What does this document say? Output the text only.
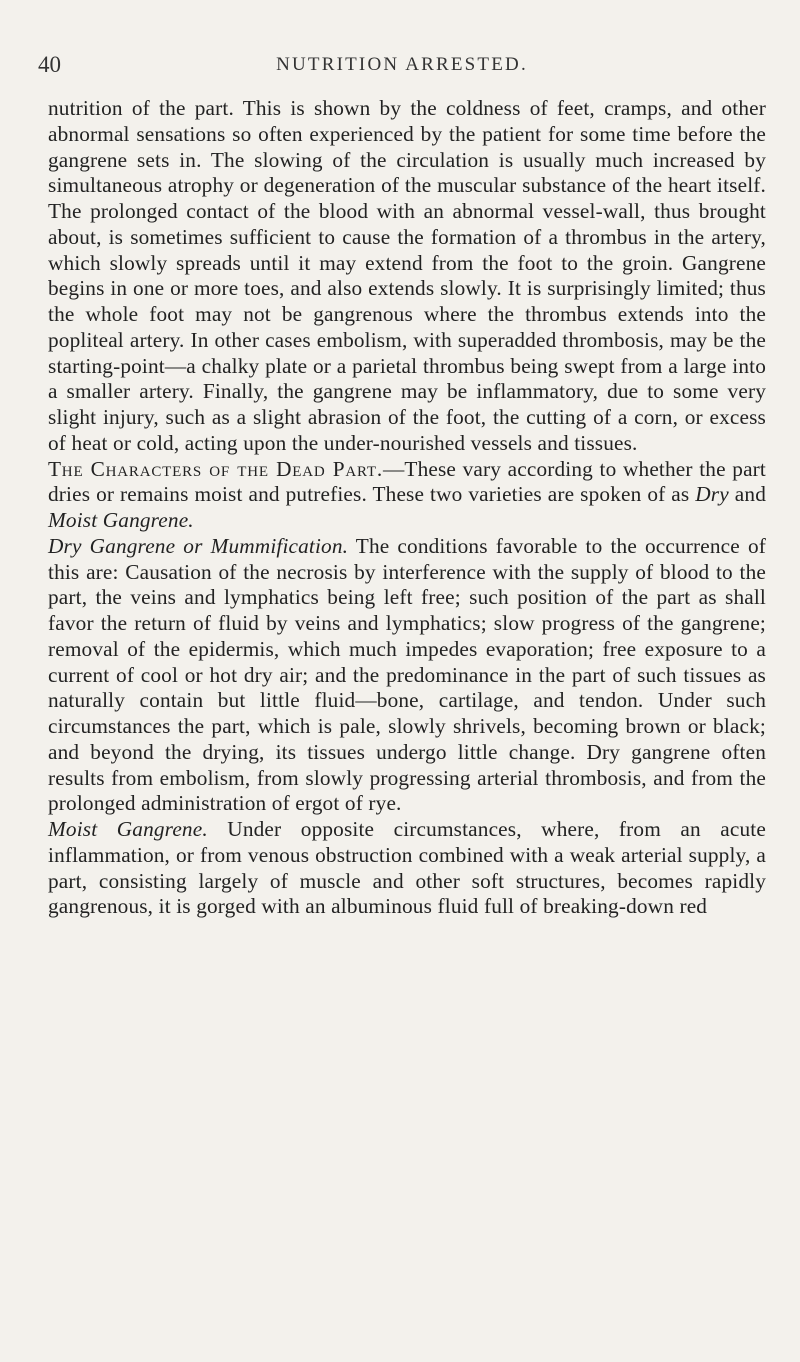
40	NUTRITION ARRESTED.

nutrition of the part. This is shown by the coldness of feet, cramps, and other abnormal sensations so often experienced by the patient for some time before the gangrene sets in. The slowing of the circulation is usually much increased by simultaneous atrophy or degeneration of the muscular substance of the heart itself. The prolonged contact of the blood with an abnormal vessel-wall, thus brought about, is sometimes sufficient to cause the formation of a thrombus in the artery, which slowly spreads until it may extend from the foot to the groin. Gangrene begins in one or more toes, and also extends slowly. It is surprisingly limited; thus the whole foot may not be gangrenous where the thrombus extends into the popliteal artery. In other cases embolism, with superadded thrombosis, may be the starting-point—a chalky plate or a parietal thrombus being swept from a large into a smaller artery. Finally, the gangrene may be inflammatory, due to some very slight injury, such as a slight abrasion of the foot, the cutting of a corn, or excess of heat or cold, acting upon the under-nourished vessels and tissues.

The Characters of the Dead Part.—These vary according to whether the part dries or remains moist and putrefies. These two varieties are spoken of as Dry and Moist Gangrene.

Dry Gangrene or Mummification. The conditions favorable to the occurrence of this are: Causation of the necrosis by interference with the supply of blood to the part, the veins and lymphatics being left free; such position of the part as shall favor the return of fluid by veins and lymphatics; slow progress of the gangrene; removal of the epidermis, which much impedes evaporation; free exposure to a current of cool or hot dry air; and the predominance in the part of such tissues as naturally contain but little fluid—bone, cartilage, and tendon. Under such circumstances the part, which is pale, slowly shrivels, becoming brown or black; and beyond the drying, its tissues undergo little change. Dry gangrene often results from embolism, from slowly progressing arterial thrombosis, and from the prolonged administration of ergot of rye.

Moist Gangrene. Under opposite circumstances, where, from an acute inflammation, or from venous obstruction combined with a weak arterial supply, a part, consisting largely of muscle and other soft structures, becomes rapidly gangrenous, it is gorged with an albuminous fluid full of breaking-down red
